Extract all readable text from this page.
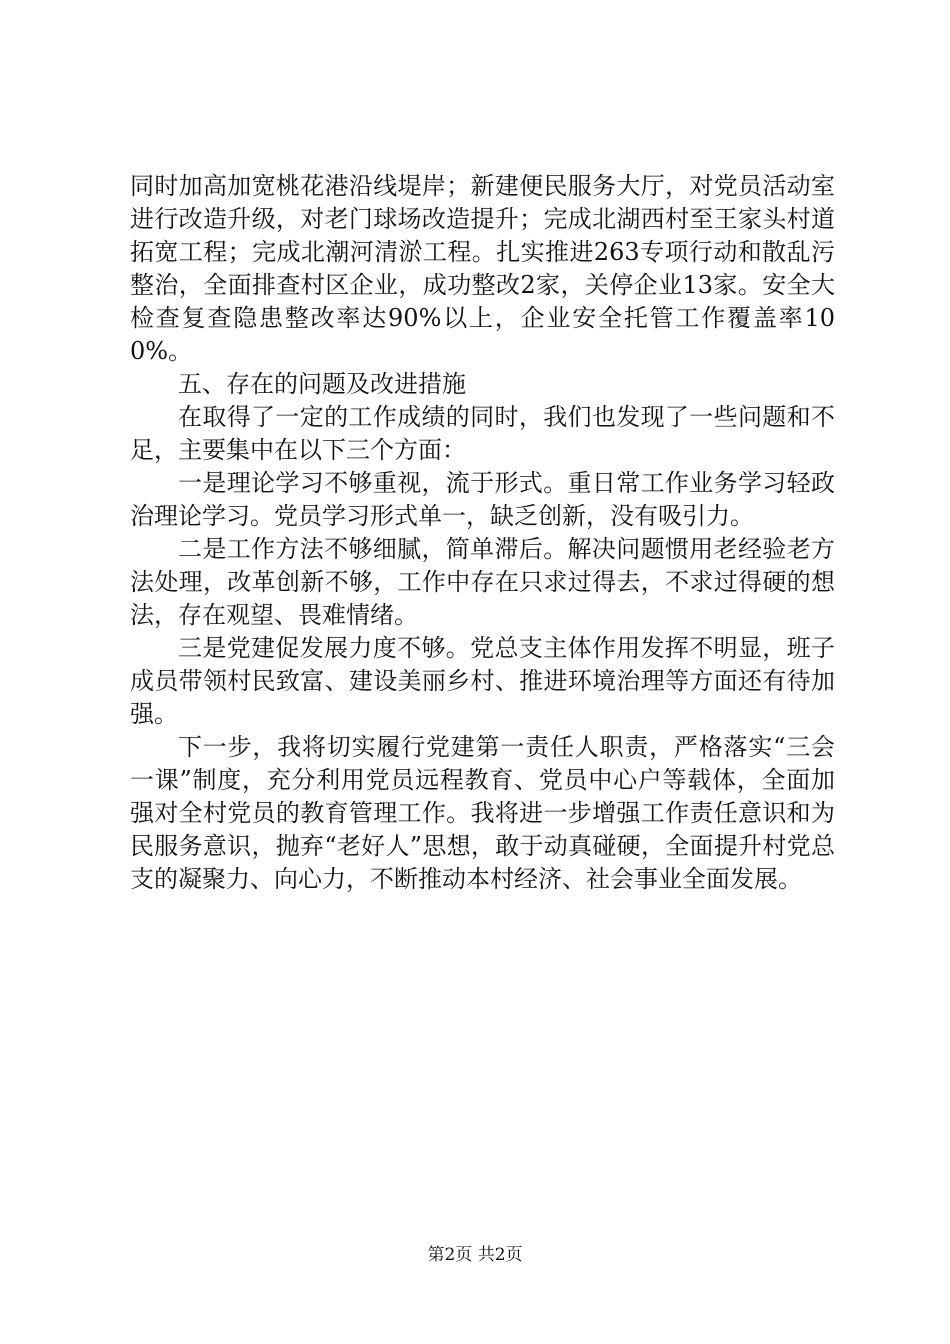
同时加高加宽桃花港沿线堤岸；新建便民服务大厅，对党员活动室进行改造升级，对老门球场改造提升；完成北湖西村至王家头村道拓宽工程；完成北潮河清淤工程。扎实推进263专项行动和散乱污整治，全面排查村区企业，成功整改2家，关停企业13家。安全大检查复查隐患整改率达90%以上，企业安全托管工作覆盖率100%。

五、存在的问题及改进措施

在取得了一定的工作成绩的同时，我们也发现了一些问题和不足，主要集中在以下三个方面：

一是理论学习不够重视，流于形式。重日常工作业务学习轻政治理论学习。党员学习形式单一，缺乏创新，没有吸引力。

二是工作方法不够细腻，简单滞后。解决问题惯用老经验老方法处理，改革创新不够，工作中存在只求过得去，不求过得硬的想法，存在观望、畏难情绪。

三是党建促发展力度不够。党总支主体作用发挥不明显，班子成员带领村民致富、建设美丽乡村、推进环境治理等方面还有待加强。

下一步，我将切实履行党建第一责任人职责，严格落实“三会一课”制度，充分利用党员远程教育、党员中心户等载体，全面加强对全村党员的教育管理工作。我将进一步增强工作责任意识和为民服务意识，抛弃“老好人”思想，敢于动真碰硬，全面提升村党总支的凝聚力、向心力，不断推动本村经济、社会事业全面发展。

第2页 共2页
